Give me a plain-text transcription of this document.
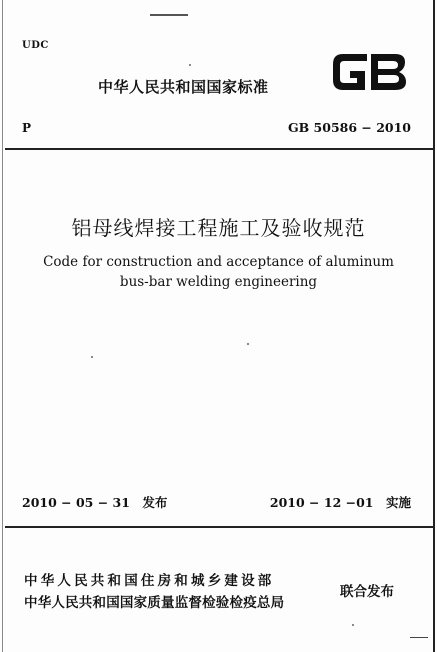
UDC
中华人民共和国国家标准	GB
P	GB 50586 − 2010
铝母线焊接工程施工及验收规范
Code for construction and acceptance of aluminum
bus-bar welding engineering
2010 − 05 − 31　发布	2010 − 12 −01　实施
中华人民共和国住房和城乡建设部
中华人民共和国国家质量监督检验检疫总局
联合发布
